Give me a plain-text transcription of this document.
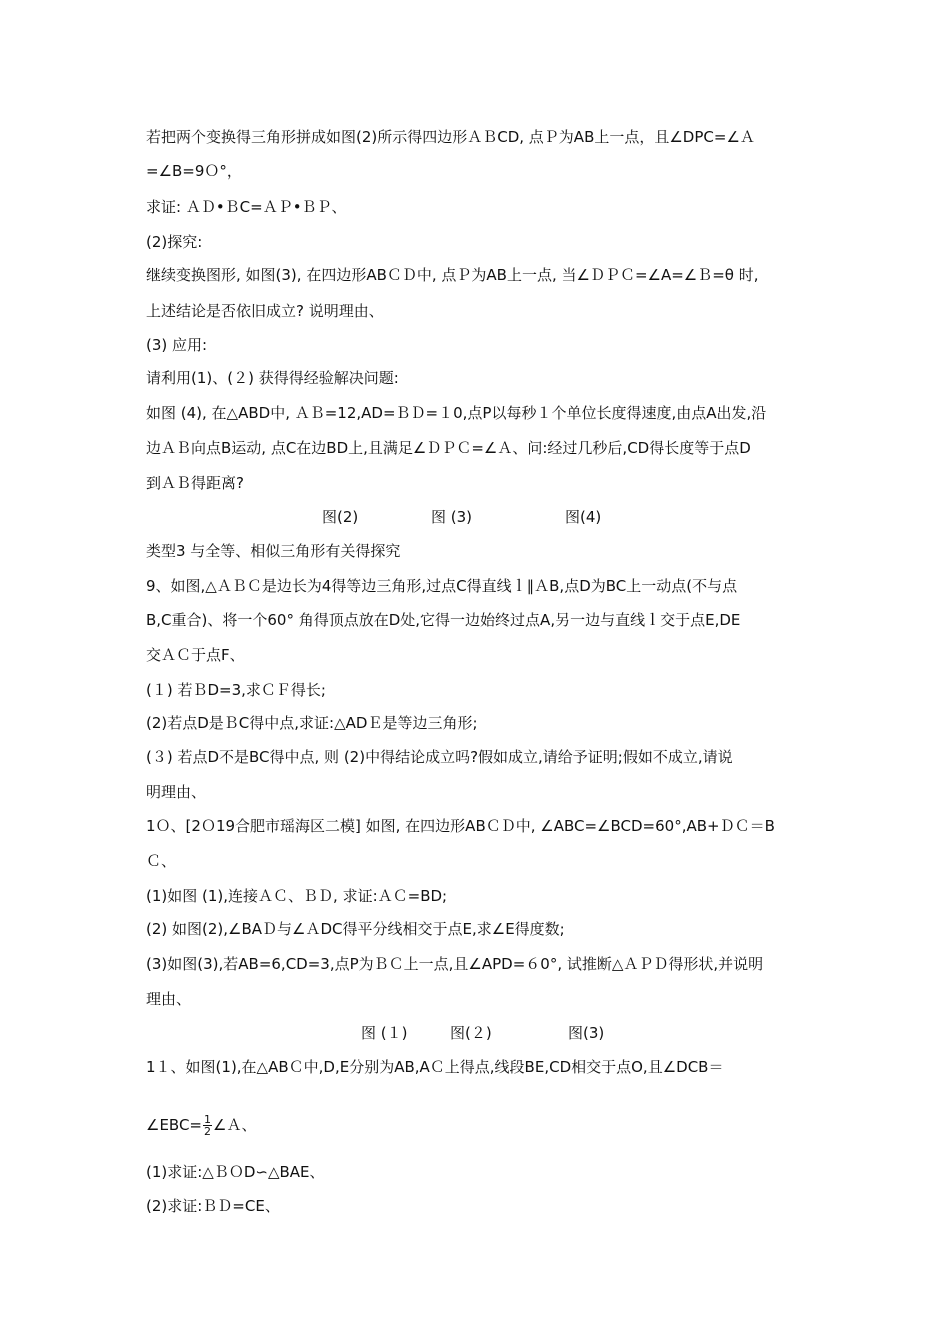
若把两个变换得三角形拼成如图(2)所示得四边形ＡＢCD, 点Ｐ为AB上一点，且∠DPC=∠Ａ
=∠B=9Ｏ°，
求证: ＡＤ•ＢC=ＡＰ•ＢＰ、
(2)探究:
继续变换图形, 如图(3), 在四边形ABＣＤ中, 点Ｐ为AB上一点, 当∠ＤＰＣ=∠A=∠Ｂ=θ 时,
上述结论是否依旧成立? 说明理由、
(3) 应用:
请利用(1)、(２) 获得得经验解决问题:
如图 (4), 在△ABD中, ＡＢ=12,AD=ＢＤ=１0,点P以每秒１个单位长度得速度,由点A出发,沿
边ＡＢ向点B运动, 点C在边BD上,且满足∠ＤＰＣ=∠Ａ、问:经过几秒后,CD得长度等于点D
到ＡＢ得距离?
图(2)	图 (3)	图(4)
类型3 与全等、相似三角形有关得探究
9、如图,△ＡＢＣ是边长为4得等边三角形,过点C得直线ｌ∥ＡB,点D为BC上一动点(不与点
B,C重合)、将一个60° 角得顶点放在D处,它得一边始终过点A,另一边与直线ｌ交于点E,DE
交ＡＣ于点F、
(１) 若ＢD=3,求ＣＦ得长;
(2)若点D是ＢC得中点,求证:△ADＥ是等边三角形;
(３) 若点D不是BC得中点, 则 (2)中得结论成立吗?假如成立,请给予证明;假如不成立,请说
明理由、
1Ｏ、[2Ｏ19合肥市瑶海区二模] 如图, 在四边形ABＣＤ中, ∠ABC=∠BCD=60°,AB+ＤＣ＝B
Ｃ、
(1)如图 (1),连接ＡＣ、ＢＤ, 求证:ＡＣ=BD;
(2) 如图(2),∠BAＤ与∠ＡDC得平分线相交于点E,求∠E得度数;
(3)如图(3),若AB=6,CD=3,点P为ＢＣ上一点,且∠APD=６0°, 试推断△ＡＰＤ得形状,并说明
理由、
图 (１)	图(２)	图(3)
1１、如图(1),在△ABＣ中,D,E分别为AB,AＣ上得点,线段BE,CD相交于点O,且∠DCB＝
∠EBC= $\frac{1}{2}$ ∠Ａ、
(1)求证:△ＢＯD∽△BAE、
(2)求证:ＢＤ=CE、
